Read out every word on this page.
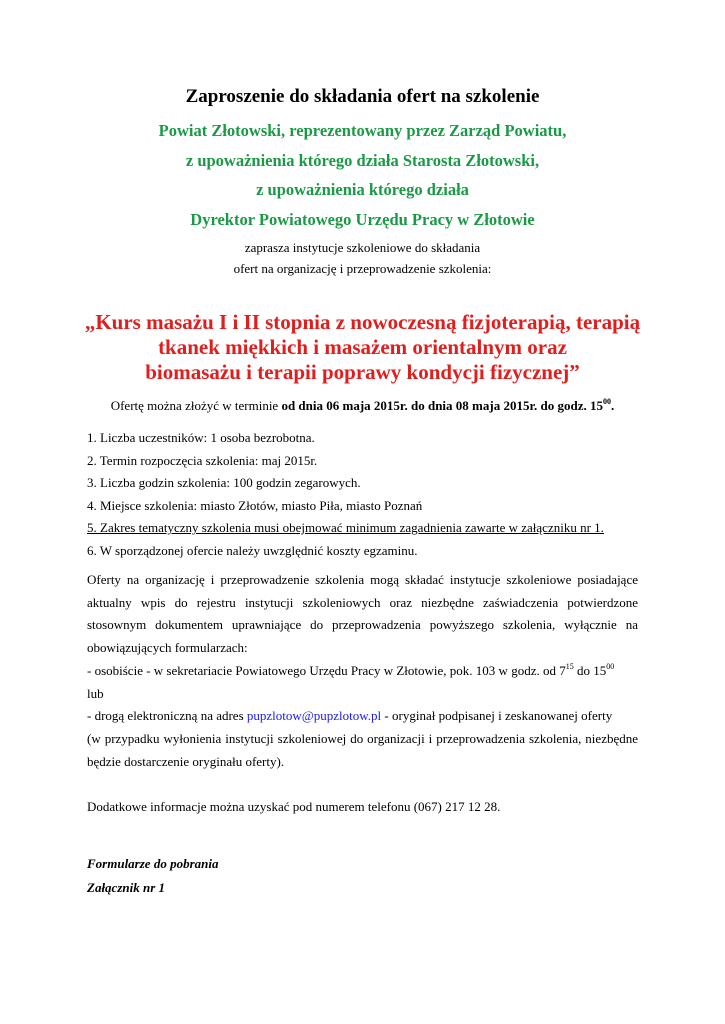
Zaproszenie do składania ofert na szkolenie
Powiat Złotowski, reprezentowany przez Zarząd Powiatu,
z upoważnienia którego działa Starosta Złotowski,
z upoważnienia którego działa
Dyrektor Powiatowego Urzędu Pracy w Złotowie
zaprasza instytucje szkoleniowe do składania
ofert na organizację i przeprowadzenie szkolenia:
„Kurs masażu I i II stopnia z nowoczesną fizjoterapią, terapią
tkanek miękkich i masażem orientalnym oraz
biomasażu i terapii poprawy kondycji fizycznej”
Ofertę można złożyć w terminie od dnia 06 maja 2015r. do dnia 08 maja 2015r. do godz. $15^{00}$.
1. Liczba uczestników: 1 osoba bezrobotna.
2. Termin rozpoczęcia szkolenia: maj 2015r.
3. Liczba godzin szkolenia: 100 godzin zegarowych.
4. Miejsce szkolenia: miasto Złotów, miasto Piła, miasto Poznań
5. Zakres tematyczny szkolenia musi obejmować minimum zagadnienia zawarte w załączniku nr 1.
6. W sporządzonej ofercie należy uwzględnić koszty egzaminu.

Oferty na organizację i przeprowadzenie szkolenia mogą składać instytucje szkoleniowe posiadające aktualny wpis do rejestru instytucji szkoleniowych oraz niezbędne zaświadczenia potwierdzone stosownym dokumentem uprawniające do przeprowadzenia powyższego szkolenia, wyłącznie na obowiązujących formularzach:

- osobiście - w sekretariacie Powiatowego Urzędu Pracy w Złotowie, pok. 103 w godz. od $7^{15}$ do $15^{00}$

lub

- drogą elektroniczną na adres pupzlotow@pupzlotow.pl - oryginał podpisanej i zeskanowanej oferty

(w przypadku wyłonienia instytucji szkoleniowej do organizacji i przeprowadzenia szkolenia, niezbędne będzie dostarczenie oryginału oferty).

Dodatkowe informacje można uzyskać pod numerem telefonu (067) 217 12 28.
Formularze do pobrania
Załącznik nr 1
